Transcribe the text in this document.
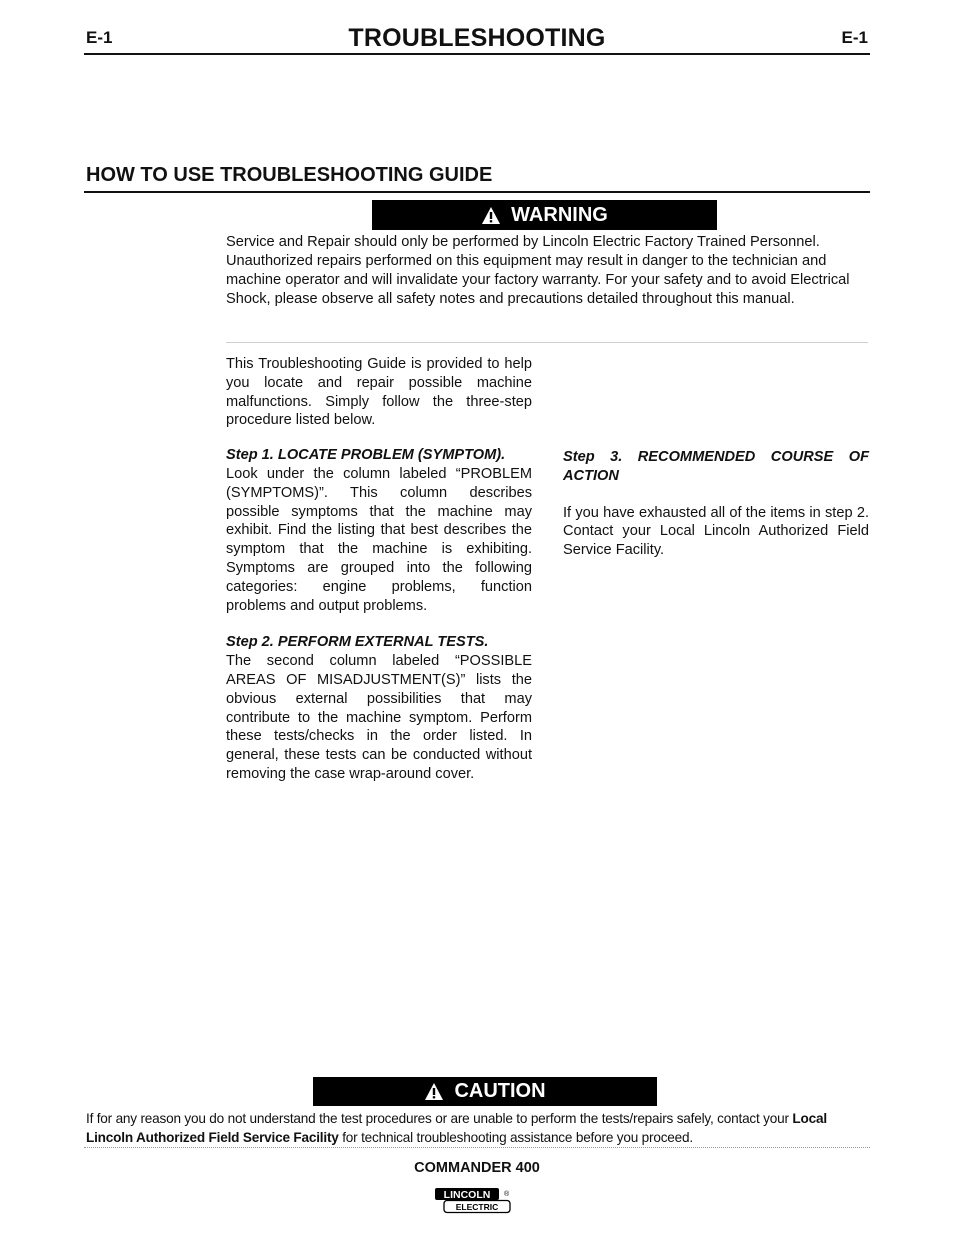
E-1	TROUBLESHOOTING	E-1
HOW TO USE TROUBLESHOOTING GUIDE
WARNING
Service and Repair should only be performed by Lincoln Electric Factory Trained Personnel. Unauthorized repairs performed on this equipment may result in danger to the technician and machine operator and will invalidate your factory warranty. For your safety and to avoid Electrical Shock, please observe all safety notes and precautions detailed throughout this manual.

This Troubleshooting Guide is provided to help you locate and repair possible machine malfunctions. Simply follow the three-step procedure listed below.

Step 1. LOCATE PROBLEM (SYMPTOM).

Look under the column labeled “PROBLEM (SYMPTOMS)”. This column describes possible symptoms that the machine may exhibit. Find the listing that best describes the symptom that the machine is exhibiting. Symptoms are grouped into the following categories: engine problems, function problems and output problems.

Step 2. PERFORM EXTERNAL TESTS.

The second column labeled “POSSIBLE AREAS OF MISADJUSTMENT(S)” lists the obvious external possibilities that may contribute to the machine symptom. Perform these tests/checks in the order listed. In general, these tests can be conducted without removing the case wrap-around cover.

Step 3. RECOMMENDED COURSE OF ACTION

If you have exhausted all of the items in step 2. Contact your Local Lincoln Authorized Field Service Facility.

CAUTION
If for any reason you do not understand the test procedures or are unable to perform the tests/repairs safely, contact your Local Lincoln Authorized Field Service Facility for technical troubleshooting assistance before you proceed.
COMMANDER 400
LINCOLN ®
ELECTRIC
